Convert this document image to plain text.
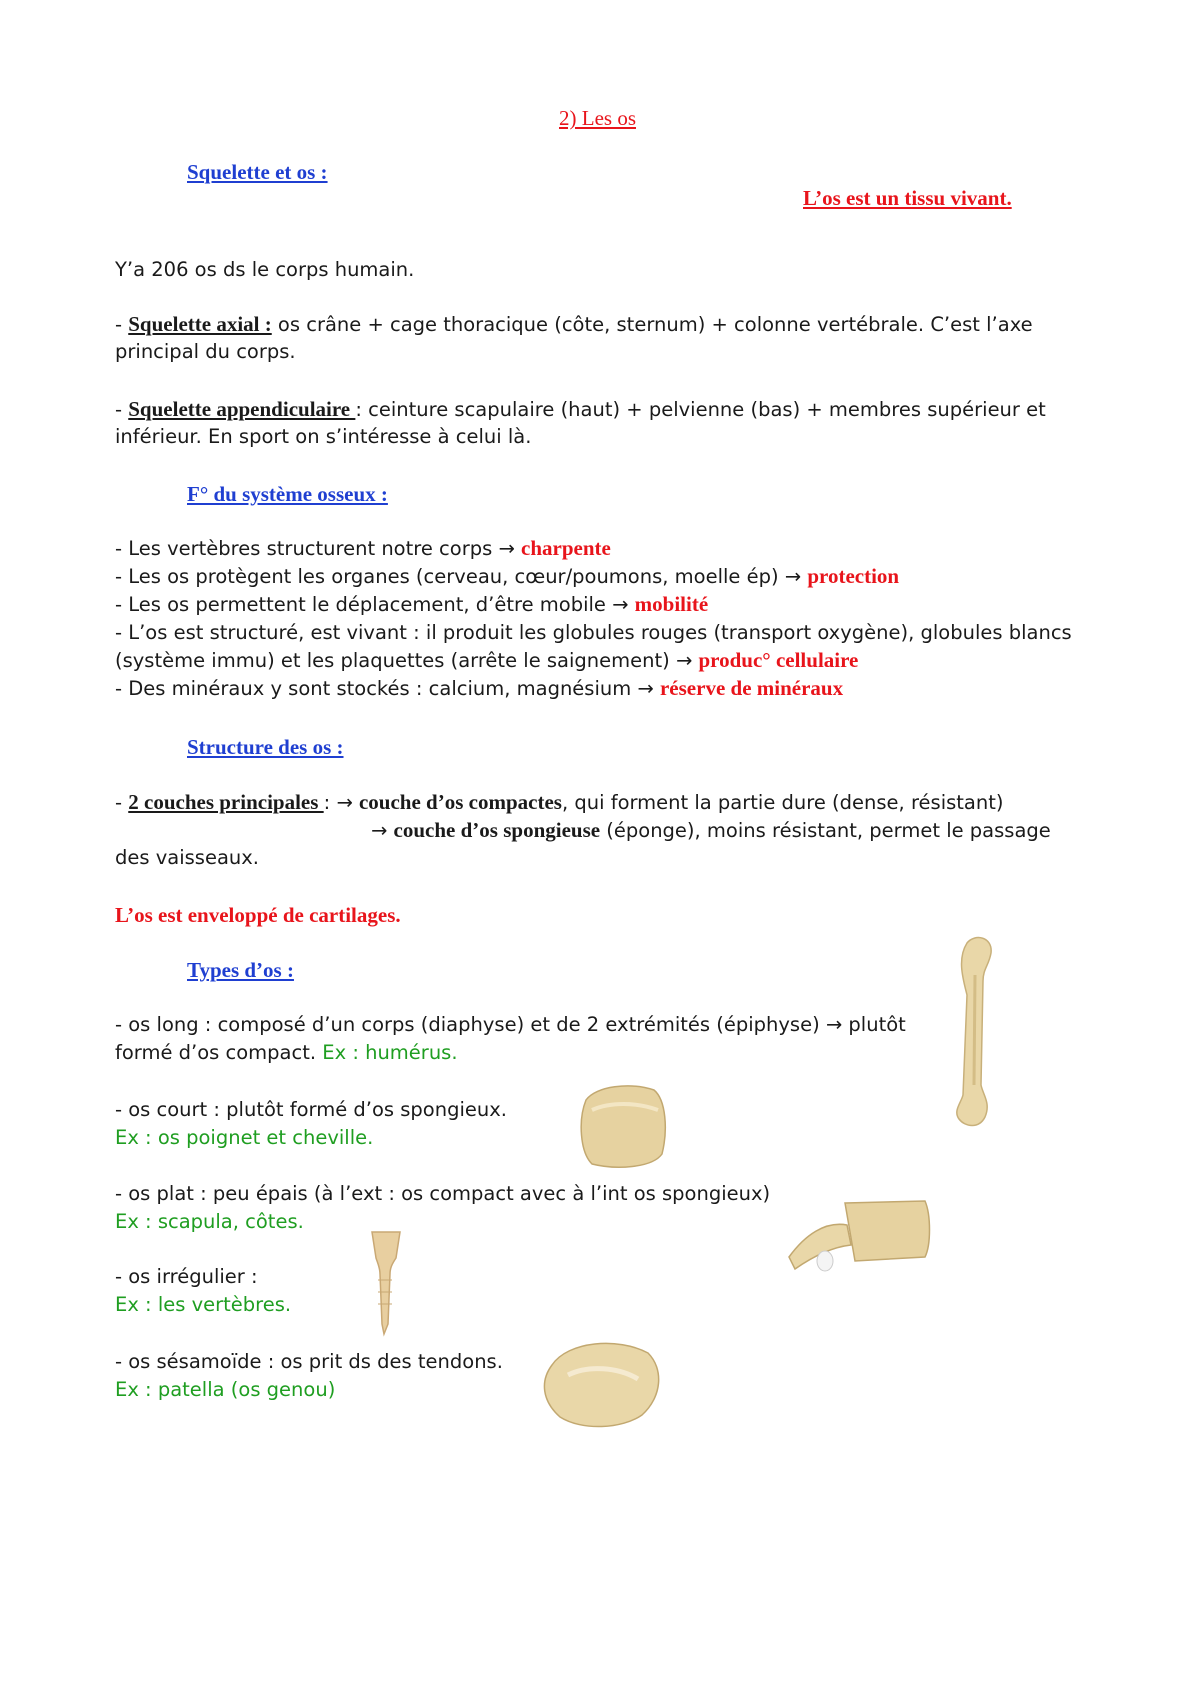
2) Les os
Squelette et os :
L’os est un tissu vivant.
Y’a 206 os ds le corps humain.
- Squelette axial : os crâne + cage thoracique (côte, sternum) + colonne vertébrale. C’est l’axe
principal du corps.
- Squelette appendiculaire : ceinture scapulaire (haut) + pelvienne (bas) + membres supérieur et
inférieur. En sport on s’intéresse à celui là.
F° du système osseux :
- Les vertèbres structurent notre corps → charpente
- Les os protègent les organes (cerveau, cœur/poumons, moelle ép) → protection
- Les os permettent le déplacement, d’être mobile → mobilité
- L’os est structuré, est vivant : il produit les globules rouges (transport oxygène), globules blancs
(système immu) et les plaquettes (arrête le saignement) → produc° cellulaire
- Des minéraux y sont stockés : calcium, magnésium → réserve de minéraux
Structure des os :
- 2 couches principales : → couche d’os compactes, qui forment la partie dure (dense, résistant)
→ couche d’os spongieuse (éponge), moins résistant, permet le passage
des vaisseaux.
L’os est enveloppé de cartilages.
Types d’os :
- os long : composé d’un corps (diaphyse) et de 2 extrémités (épiphyse) → plutôt
formé d’os compact. Ex : humérus.
- os court : plutôt formé d’os spongieux.
Ex : os poignet et cheville.
- os plat : peu épais (à l’ext : os compact avec à l’int os spongieux)
Ex : scapula, côtes.
- os irrégulier :
Ex : les vertèbres.
- os sésamoïde : os prit ds des tendons.
Ex : patella (os genou)
